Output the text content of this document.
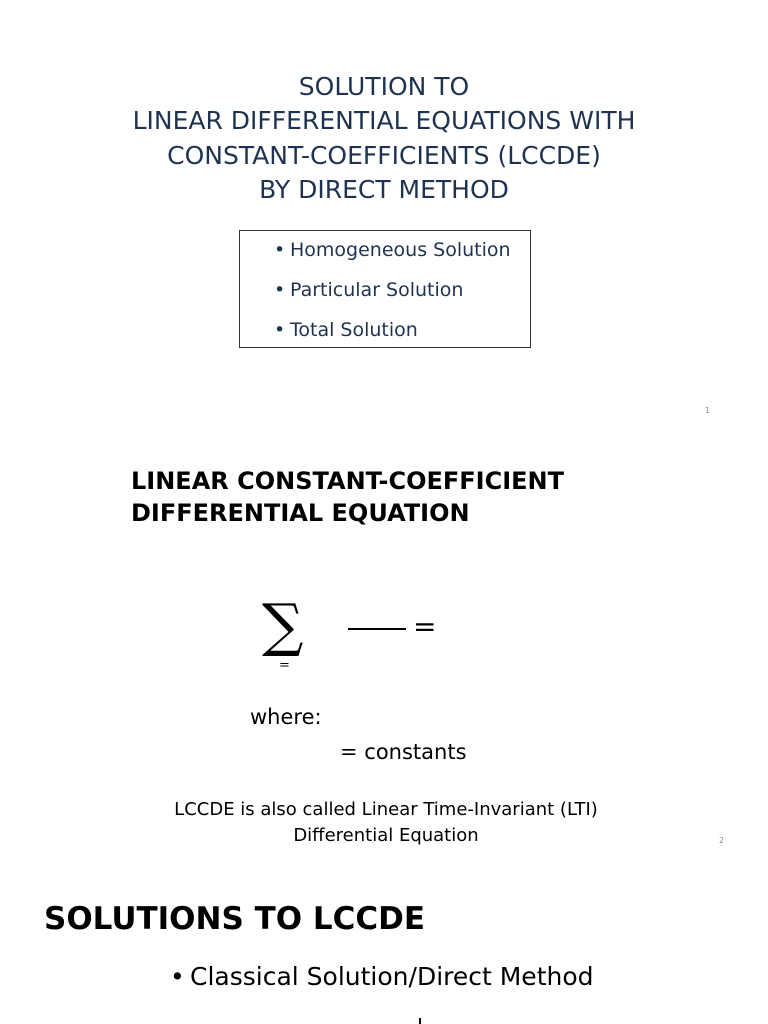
SOLUTION TO
LINEAR DIFFERENTIAL EQUATIONS WITH
CONSTANT-COEFFICIENTS (LCCDE)
BY DIRECT METHOD
• Homogeneous Solution
• Particular Solution
• Total Solution
1
LINEAR CONSTANT-COEFFICIENT
DIFFERENTIAL EQUATION
∑
=
=
where:
= constants
LCCDE is also called Linear Time-Invariant (LTI)
Differential Equation	2
SOLUTIONS TO LCCDE
• Classical Solution/Direct Method
